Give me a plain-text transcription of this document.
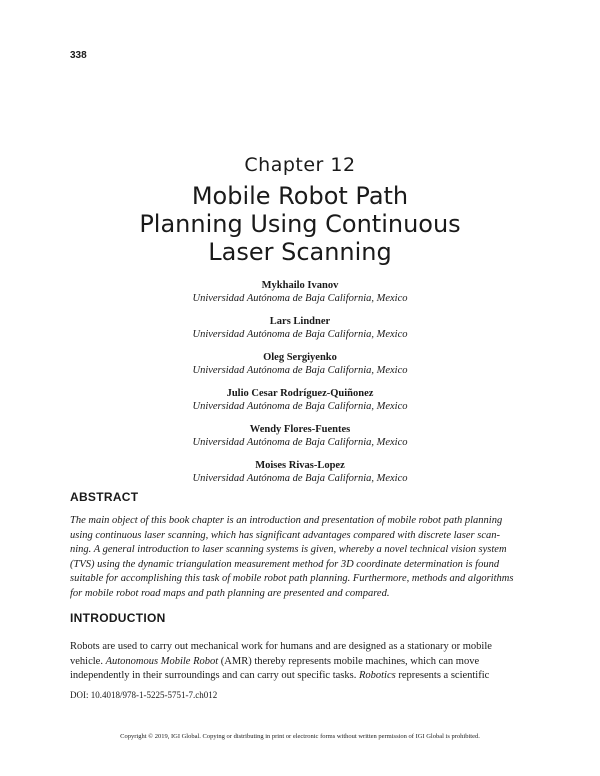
338
Chapter 12
Mobile Robot Path
Planning Using Continuous
Laser Scanning
Mykhailo Ivanov
Universidad Autónoma de Baja California, Mexico
Lars Lindner
Universidad Autónoma de Baja California, Mexico
Oleg Sergiyenko
Universidad Autónoma de Baja California, Mexico
Julio Cesar Rodríguez-Quiñonez
Universidad Autónoma de Baja California, Mexico
Wendy Flores-Fuentes
Universidad Autónoma de Baja California, Mexico
Moises Rivas-Lopez
Universidad Autónoma de Baja California, Mexico
ABSTRACT
The main object of this book chapter is an introduction and presentation of mobile robot path planning
using continuous laser scanning, which has significant advantages compared with discrete laser scan-
ning. A general introduction to laser scanning systems is given, whereby a novel technical vision system
(TVS) using the dynamic triangulation measurement method for 3D coordinate determination is found
suitable for accomplishing this task of mobile robot path planning. Furthermore, methods and algorithms
for mobile robot road maps and path planning are presented and compared.
INTRODUCTION
Robots are used to carry out mechanical work for humans and are designed as a stationary or mobile
vehicle. Autonomous Mobile Robot (AMR) thereby represents mobile machines, which can move
independently in their surroundings and can carry out specific tasks. Robotics represents a scientific
DOI: 10.4018/978-1-5225-5751-7.ch012
Copyright © 2019, IGI Global. Copying or distributing in print or electronic forms without written permission of IGI Global is prohibited.
